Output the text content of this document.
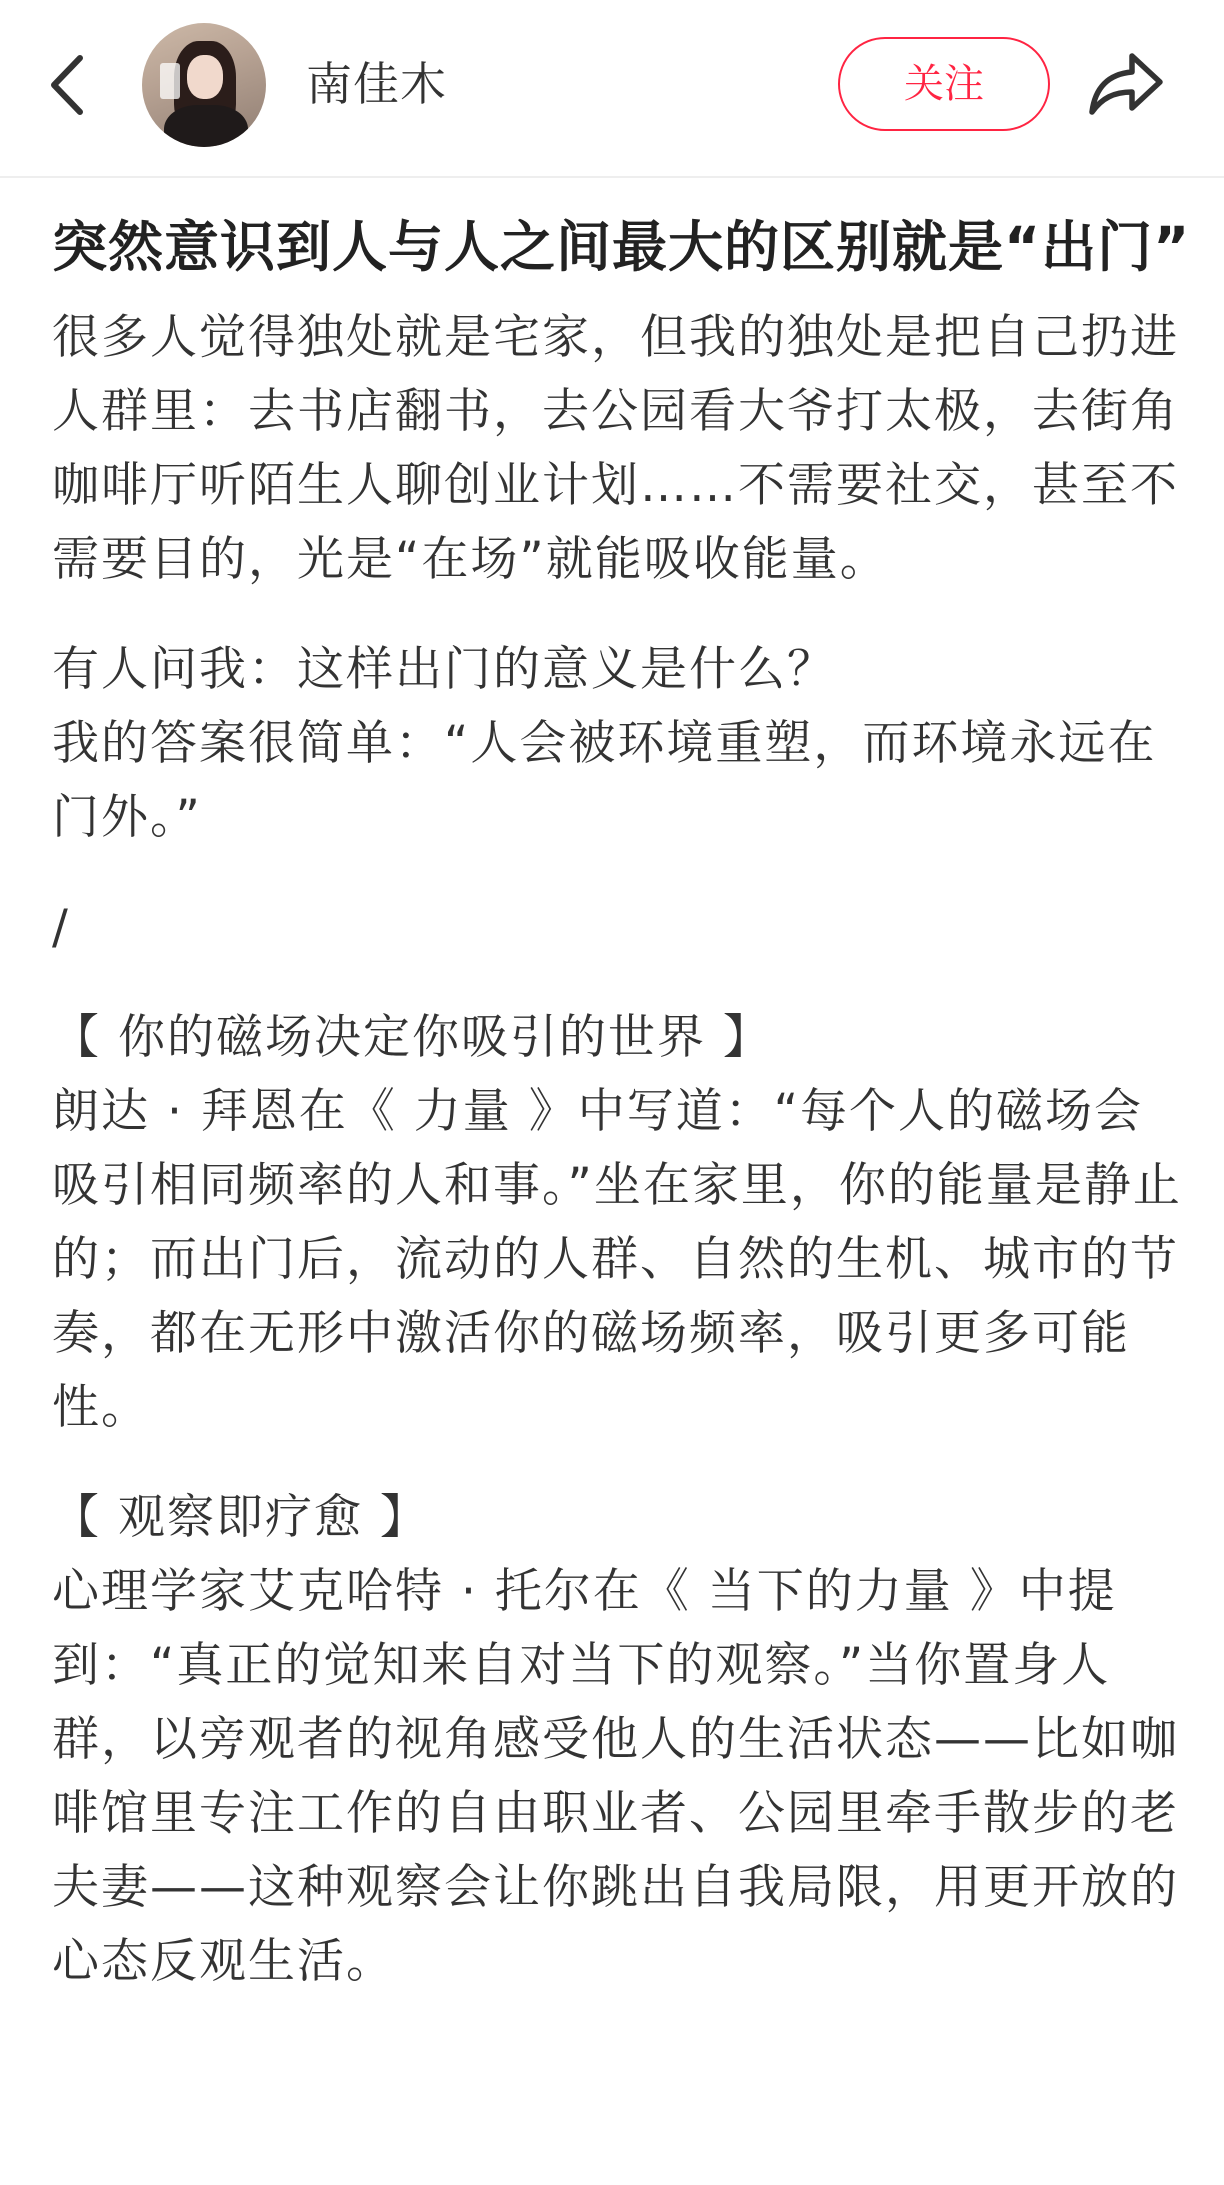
南佳木	关注
突然意识到人与人之间最大的区别就是“出门”

很多人觉得独处就是宅家，但我的独处是把自己扔进人群里：去书店翻书，去公园看大爷打太极，去街角咖啡厅听陌生人聊创业计划……不需要社交，甚至不需要目的，光是“在场”就能吸收能量。

有人问我：这样出门的意义是什么？

我的答案很简单：“人会被环境重塑，而环境永远在门外。”

/

【 你的磁场决定你吸引的世界 】

朗达 · 拜恩在《 力量 》中写道：“每个人的磁场会吸引相同频率的人和事。”坐在家里，你的能量是静止的；而出门后，流动的人群、自然的生机、城市的节奏，都在无形中激活你的磁场频率，吸引更多可能性。

【 观察即疗愈 】

心理学家艾克哈特 · 托尔在《 当下的力量 》中提到：“真正的觉知来自对当下的观察。”当你置身人群，以旁观者的视角感受他人的生活状态——比如咖啡馆里专注工作的自由职业者、公园里牵手散步的老夫妻——这种观察会让你跳出自我局限，用更开放的心态反观生活。
